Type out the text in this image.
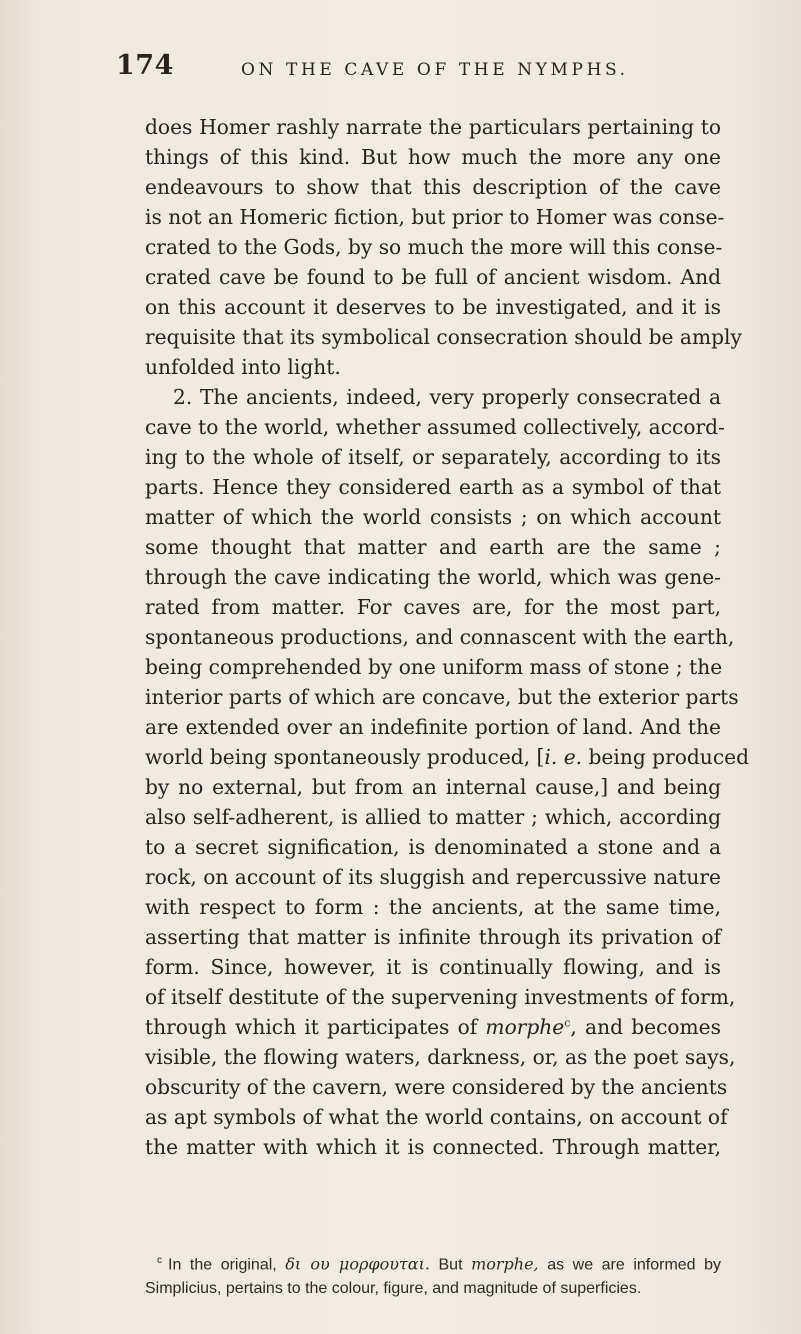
174	ON THE CAVE OF THE NYMPHS.
does Homer rashly narrate the particulars pertaining to
things of this kind. But how much the more any one
endeavours to show that this description of the cave
is not an Homeric fiction, but prior to Homer was conse-
crated to the Gods, by so much the more will this conse-
crated cave be found to be full of ancient wisdom. And
on this account it deserves to be investigated, and it is
requisite that its symbolical consecration should be amply
unfolded into light.
2. The ancients, indeed, very properly consecrated a
cave to the world, whether assumed collectively, accord-
ing to the whole of itself, or separately, according to its
parts. Hence they considered earth as a symbol of that
matter of which the world consists ; on which account
some thought that matter and earth are the same ;
through the cave indicating the world, which was gene-
rated from matter. For caves are, for the most part,
spontaneous productions, and connascent with the earth,
being comprehended by one uniform mass of stone ; the
interior parts of which are concave, but the exterior parts
are extended over an indefinite portion of land. And the
world being spontaneously produced, [i. e. being produced
by no external, but from an internal cause,] and being
also self-adherent, is allied to matter ; which, according
to a secret signification, is denominated a stone and a
rock, on account of its sluggish and repercussive nature
with respect to form : the ancients, at the same time,
asserting that matter is infinite through its privation of
form. Since, however, it is continually flowing, and is
of itself destitute of the supervening investments of form,
through which it participates of morphe$^c$, and becomes
visible, the flowing waters, darkness, or, as the poet says,
obscurity of the cavern, were considered by the ancients
as apt symbols of what the world contains, on account of
the matter with which it is connected. Through matter,
$^c$ In the original, δι ου μορφουται. But morphe, as we are informed by
Simplicius, pertains to the colour, figure, and magnitude of superficies.
